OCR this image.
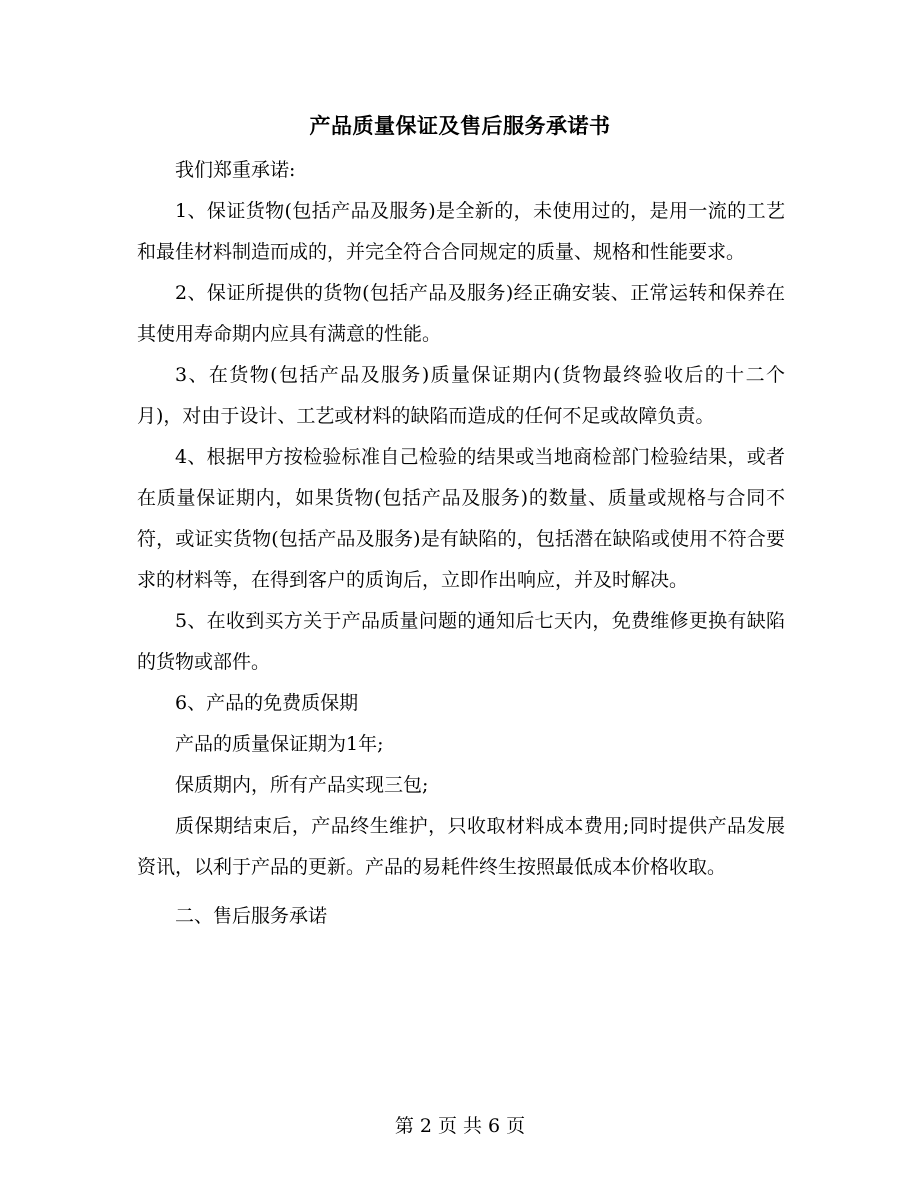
产品质量保证及售后服务承诺书

我们郑重承诺:

1、保证货物(包括产品及服务)是全新的，未使用过的，是用一流的工艺和最佳材料制造而成的，并完全符合合同规定的质量、规格和性能要求。

2、保证所提供的货物(包括产品及服务)经正确安装、正常运转和保养在其使用寿命期内应具有满意的性能。

3、在货物(包括产品及服务)质量保证期内(货物最终验收后的十二个月)，对由于设计、工艺或材料的缺陷而造成的任何不足或故障负责。

4、根据甲方按检验标准自己检验的结果或当地商检部门检验结果，或者在质量保证期内，如果货物(包括产品及服务)的数量、质量或规格与合同不符，或证实货物(包括产品及服务)是有缺陷的，包括潜在缺陷或使用不符合要求的材料等，在得到客户的质询后，立即作出响应，并及时解决。

5、在收到买方关于产品质量问题的通知后七天内，免费维修更换有缺陷的货物或部件。

6、产品的免费质保期

产品的质量保证期为1年;

保质期内，所有产品实现三包;

质保期结束后，产品终生维护，只收取材料成本费用;同时提供产品发展资讯，以利于产品的更新。产品的易耗件终生按照最低成本价格收取。

二、售后服务承诺

第 2 页 共 6 页
